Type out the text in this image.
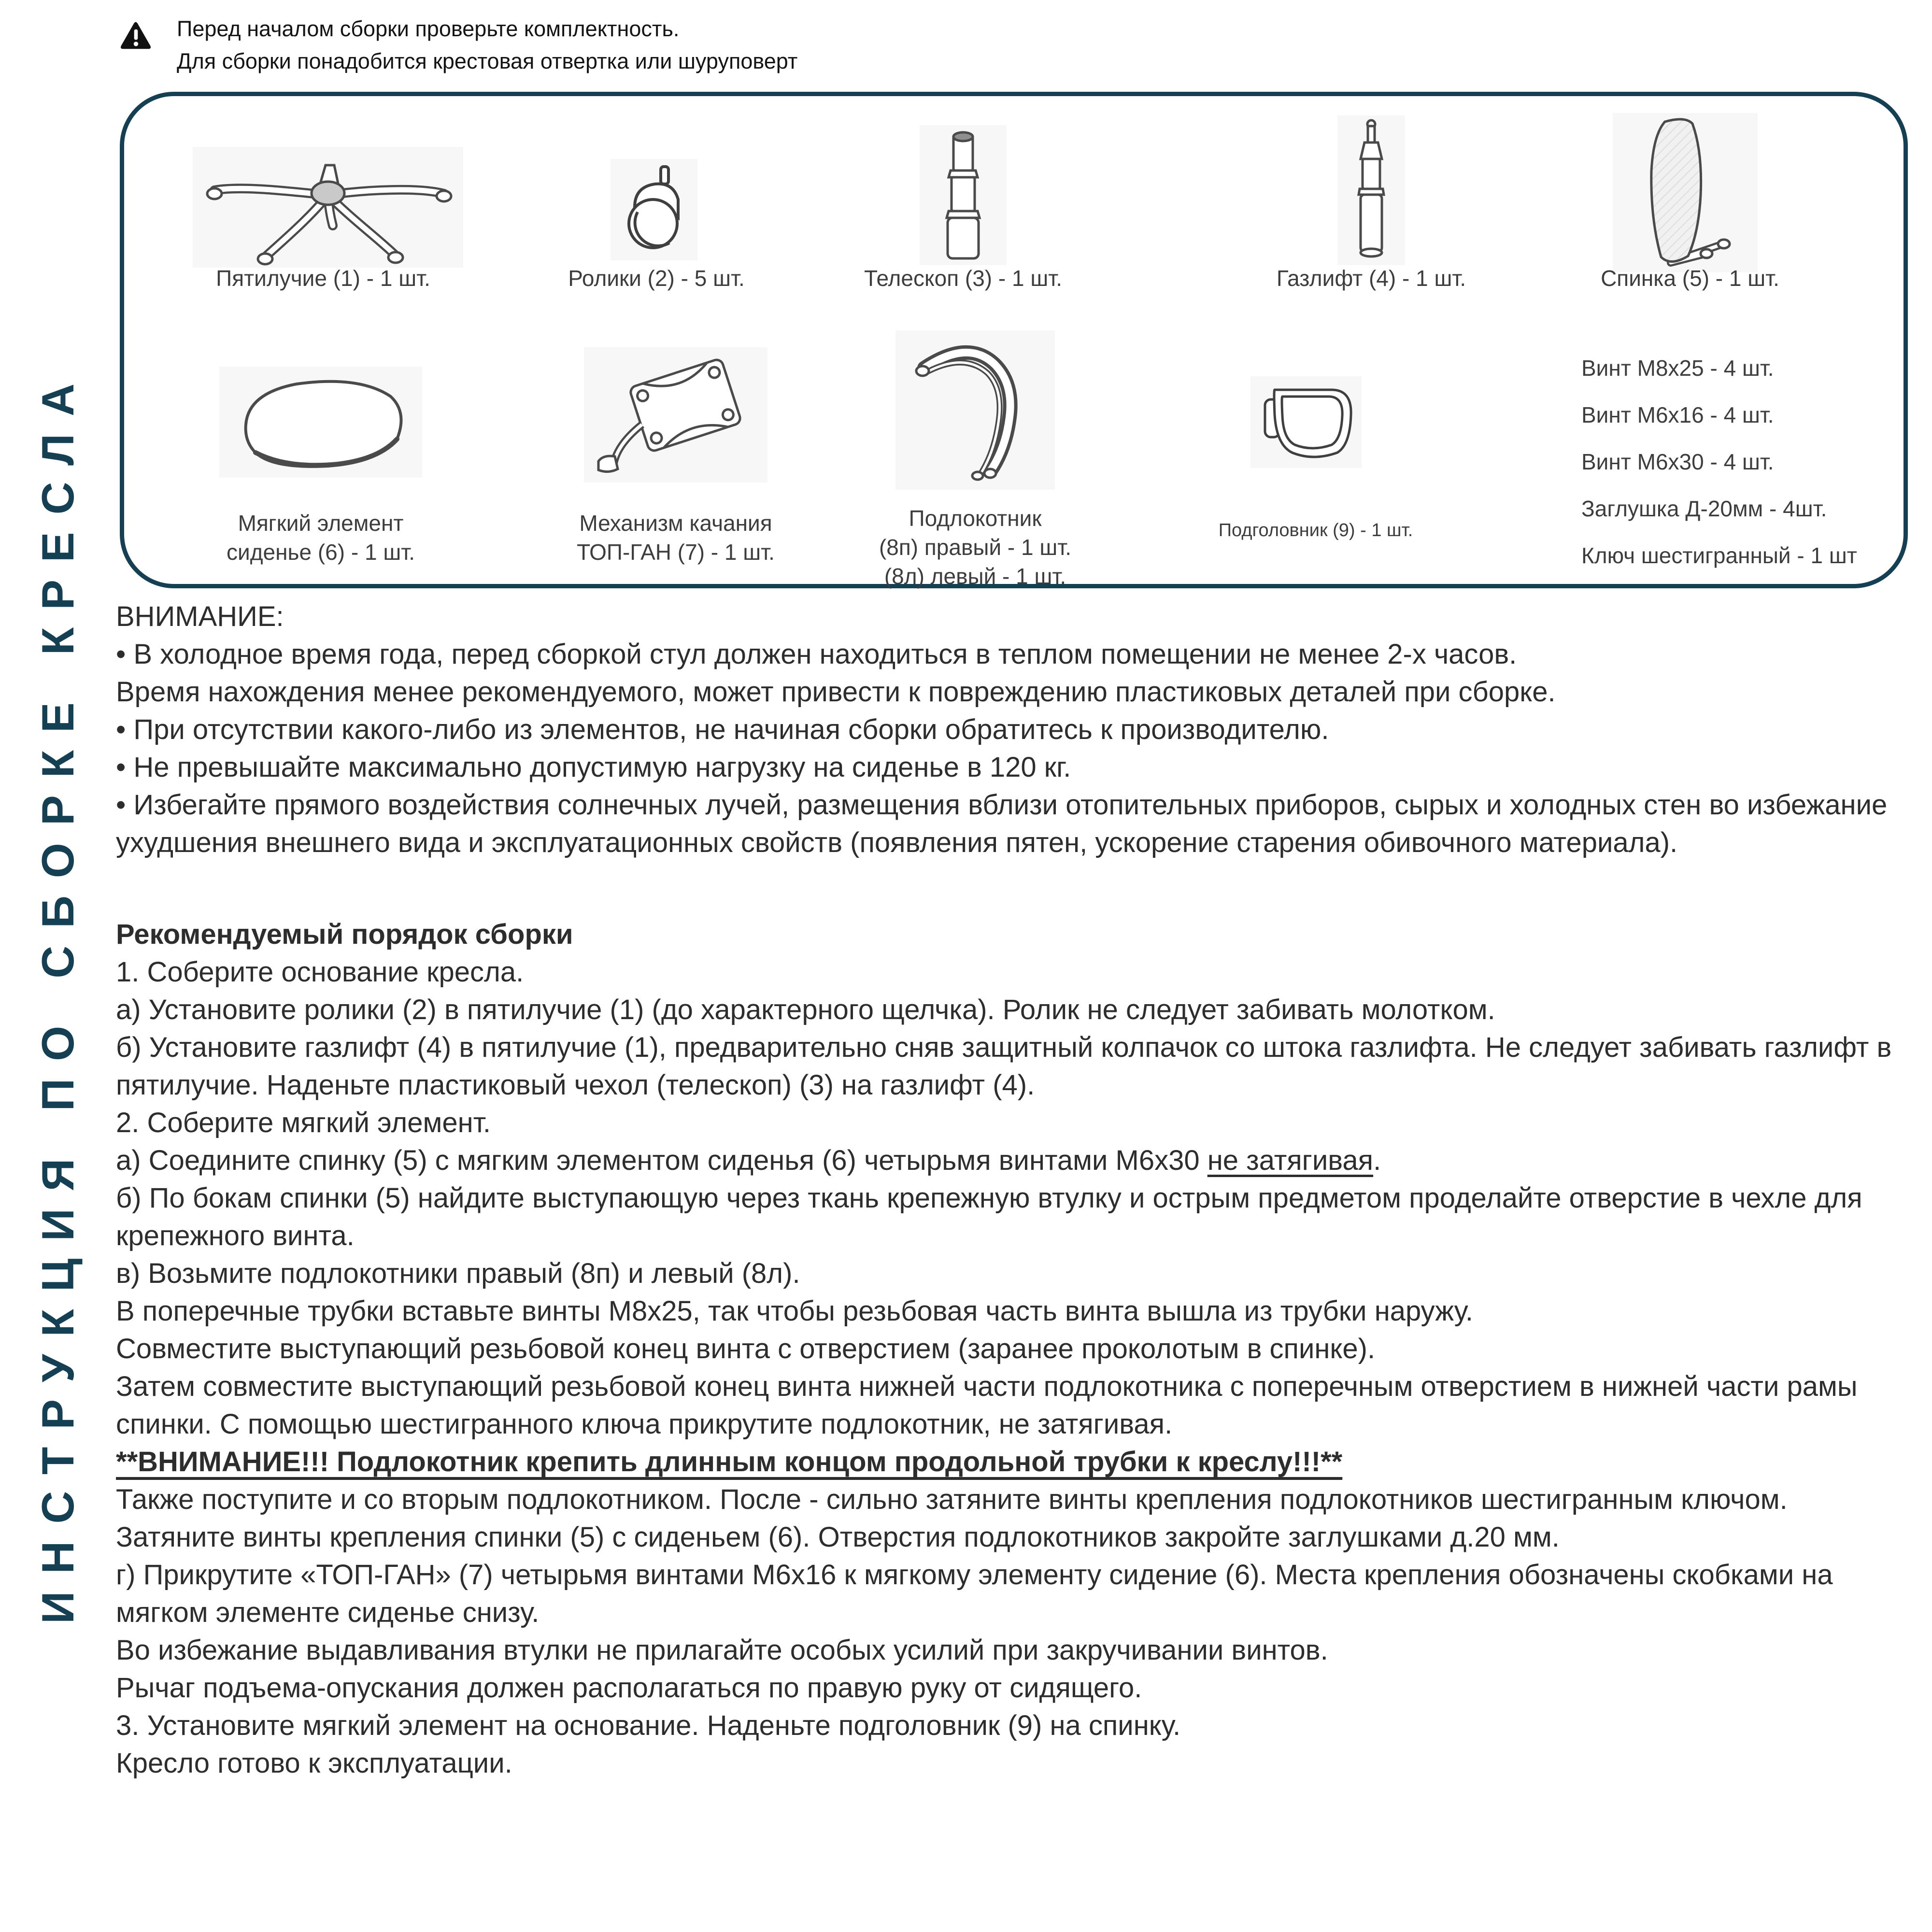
Перед началом сборки проверьте комплектность.
Для сборки понадобится крестовая отвертка или шуруповерт
ИНСТРУКЦИЯ ПО СБОРКЕ КРЕСЛА
Пятилучие (1) - 1 шт.	Ролики (2) - 5 шт.	Телескоп (3) - 1 шт.	Газлифт (4) - 1 шт.	Спинка (5) - 1 шт.
Мягкий элемент
сиденье (6) - 1 шт.
Механизм качания
ТОП-ГАН (7) - 1 шт.
Подлокотник
(8п) правый - 1 шт.
(8л) левый - 1 шт.
Подголовник (9) - 1 шт.
Винт М8х25 - 4 шт.
Винт М6х16 - 4 шт.
Винт М6х30 - 4 шт.
Заглушка Д-20мм - 4шт.
Ключ шестигранный - 1 шт

ВНИМАНИЕ:

• В холодное время года, перед сборкой стул должен находиться в теплом помещении не менее 2-х часов.

Время нахождения менее рекомендуемого, может привести к повреждению пластиковых деталей при сборке.

• При отсутствии какого-либо из элементов, не начиная сборки обратитесь к производителю.

• Не превышайте максимально допустимую нагрузку на сиденье в 120 кг.

• Избегайте прямого воздействия солнечных лучей, размещения вблизи отопительных приборов, сырых и холодных стен во избежание ухудшения внешнего вида и эксплуатационных свойств (появления пятен, ускорение старения обивочного материала).

Рекомендуемый порядок сборки

1. Соберите основание кресла.

а) Установите ролики (2) в пятилучие (1) (до характерного щелчка). Ролик не следует забивать молотком.

б) Установите газлифт (4) в пятилучие (1), предварительно сняв защитный колпачок со штока газлифта. Не следует забивать газлифт в пятилучие. Наденьте пластиковый чехол (телескоп) (3) на газлифт (4).

2. Соберите мягкий элемент.

а) Соедините спинку (5) с мягким элементом сиденья (6) четырьмя винтами М6х30 не затягивая.

б) По бокам спинки (5) найдите выступающую через ткань крепежную втулку и острым предметом проделайте отверстие в чехле для крепежного винта.

в) Возьмите подлокотники правый (8п) и левый (8л).

В поперечные трубки вставьте винты М8х25, так чтобы резьбовая часть винта вышла из трубки наружу.

Совместите выступающий резьбовой конец винта с отверстием (заранее проколотым в спинке).

Затем совместите выступающий резьбовой конец винта нижней части подлокотника с поперечным отверстием в нижней части рамы спинки. С помощью шестигранного ключа прикрутите подлокотник, не затягивая.

**ВНИМАНИЕ!!! Подлокотник крепить длинным концом продольной трубки к креслу!!!**

Также поступите и со вторым подлокотником. После - сильно затяните винты крепления подлокотников шестигранным ключом. Затяните винты крепления спинки (5) с сиденьем (6). Отверстия подлокотников закройте заглушками д.20 мм.

г) Прикрутите «ТОП-ГАН» (7) четырьмя винтами М6х16 к мягкому элементу сидение (6). Места крепления обозначены скобками на мягком элементе сиденье снизу.

Во избежание выдавливания втулки не прилагайте особых усилий при закручивании винтов.

Рычаг подъема-опускания должен располагаться по правую руку от сидящего.

3. Установите мягкий элемент на основание. Наденьте подголовник (9) на спинку.

Кресло готово к эксплуатации.
